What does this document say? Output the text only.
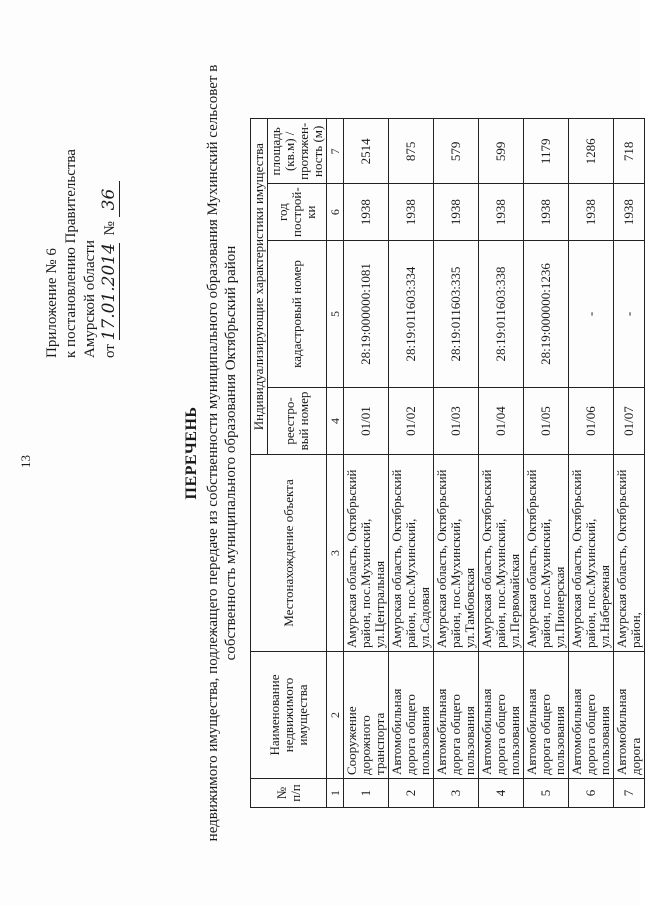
13
Приложение № 6 к постановлению Правительства Амурской области от 17.01.2014  № 36
ПЕРЕЧЕНЬ недвижимого имущества, подлежащего передаче из собственности муниципального образования Мухинский сельсовет в собственность муниципального образования Октябрьский район
№ п/п	Наименование недвижимого имущества	Местонахождение объекта	Индивидуализирующие характеристики имущества			
			реестро-вый номер	кадастровый номер	год построй-ки	площадь (кв.м) / протяжен-ность (м)
1	2	3	4	5	6	7
1	Сооружение дорожного транспорта	Амурская область, Октябрьский район, пос.Мухинский, ул.Центральная	01/01	28:19:000000:1081	1938	2514
2	Автомобильная дорога общего пользования	Амурская область, Октябрьский район, пос.Мухинский, ул.Садовая	01/02	28:19:011603:334	1938	875
3	Автомобильная дорога общего пользования	Амурская область, Октябрьский район, пос.Мухинский, ул.Тамбовская	01/03	28:19:011603:335	1938	579
4	Автомобильная дорога общего пользования	Амурская область, Октябрьский район, пос.Мухинский, ул.Первомайская	01/04	28:19:011603:338	1938	599
5	Автомобильная дорога общего пользования	Амурская область, Октябрьский район, пос.Мухинский, ул.Пионерская	01/05	28:19:000000:1236	1938	1179
6	Автомобильная дорога общего пользования	Амурская область, Октябрьский район, пос.Мухинский, ул.Набережная	01/06	-	1938	1286
7	Автомобильная дорога	Амурская область, Октябрьский район,	01/07	-	1938	718
